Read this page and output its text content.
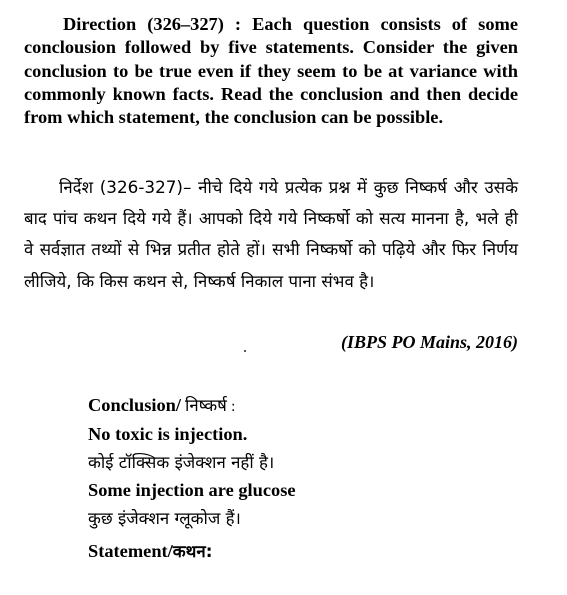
Direction (326–327) : Each question consists of some conclousion followed by five statements. Consider the given conclusion to be true even if they seem to be at variance with commonly known facts. Read the conclusion and then decide from which statement, the conclusion can be possible.

निर्देश (326-327)– नीचे दिये गये प्रत्येक प्रश्न में कुछ निष्कर्ष और उसके बाद पांच कथन दिये गये हैं। आपको दिये गये निष्कर्षो को सत्य मानना है, भले ही वे सर्वज्ञात तथ्यों से भिन्न प्रतीत होते हों। सभी निष्कर्षो को पढ़िये और फिर निर्णय लीजिये, कि किस कथन से, निष्कर्ष निकाल पाना संभव है।

(IBPS PO Mains, 2016)
Conclusion/ निष्कर्ष :
No toxic is injection.
कोई टॉक्सिक इंजेक्शन नहीं है।
Some injection are glucose
कुछ इंजेक्शन ग्लूकोज हैं।
Statement/कथन:
